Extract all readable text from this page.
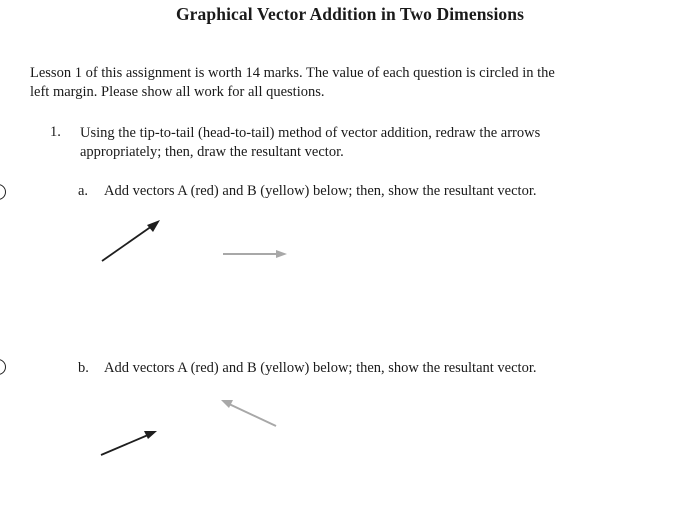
Graphical Vector Addition in Two Dimensions
Lesson 1 of this assignment is worth 14 marks. The value of each question is circled in the
left margin. Please show all work for all questions.
1. Using the tip-to-tail (head-to-tail) method of vector addition, redraw the arrows
appropriately; then, draw the resultant vector.
a. Add vectors A (red) and B (yellow) below; then, show the resultant vector.
b. Add vectors A (red) and B (yellow) below; then, show the resultant vector.
